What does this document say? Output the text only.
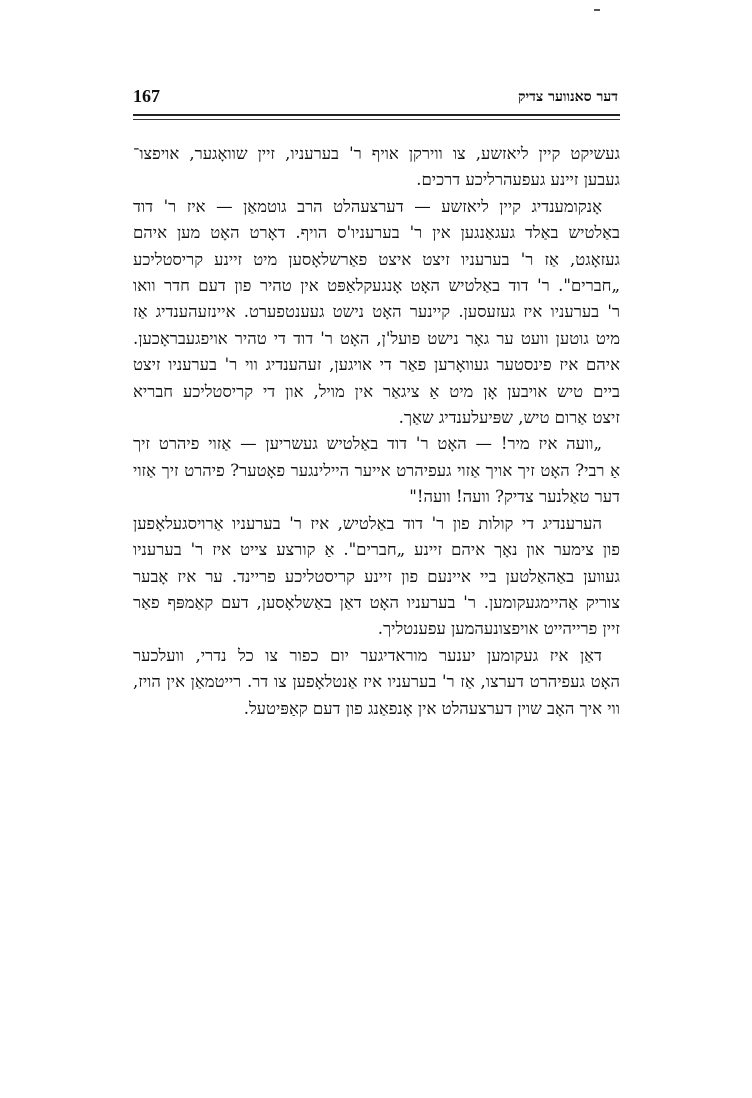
167	דער סאנווער צדיק
געשיקט קיין ליאזשע, צו ווירקן אויף ר' בערעניו, זיין שוואָגער, אויפצו־
געבען זיינע געפעהרליכע דרכים.
אָנקומענדיג קיין ליאזשע — דערצעהלט הרב גוטמאַן — איז ר' דוד
באַלטיש באַלד געגאַנגען אין ר' בערעניו'ס הויף. דאָרט האָט מען איהם
געזאָגט, אַז ר' בערעניו זיצט איצט פאַרשלאָסען מיט זיינע קריסטליכע
„חברים". ר' דוד באַלטיש האָט אָנגעקלאַפּט אין טהיר פון דעם חדר וואו
ר' בערעניו איז געזעסען. קיינער האָט נישט געענטפערט. איינזעהענדיג אַז
מיט גוטען וועט ער גאָר נישט פועל'ן, האָט ר' דוד די טהיר אויפגעבראָכען.
איהם איז פינסטער געוואָרען פאַר די אויגען, זעהענדיג ווי ר' בערעניו זיצט
ביים טיש אויבען אָן מיט אַ ציגאַר אין מויל, און די קריסטליכע חבריא
זיצט אַרום טיש, שפּיעלענדיג שאַך.
„וועה איז מיר! — האָט ר' דוד באַלטיש געשריען — אַזוי פיהרט זיך
אַ רבי? האָט זיך אויך אַזוי געפיהרט אייער היילינגער פאָטער? פיהרט זיך אַזוי
דער טאַלנער צדיק? וועה! וועה!"
הערענדיג די קולות פון ר' דוד באַלטיש, איז ר' בערעניו אַרויסגעלאָפען
פון צימער און נאָך איהם זיינע „חברים". אַ קורצע צייט איז ר' בערעניו
געווען באַהאַלטען ביי איינעם פון זיינע קריסטליכע פריינד. ער איז אָבער
צוריק אַהיימגעקומען. ר' בערעניו האָט דאַן באַשלאָסען, דעם קאַמפּף פאַר
זיין פרייהייט אויפצונעהמען עפענטליך.
דאַן איז געקומען יענער מוראדיגער יום כפור צו כל נדרי, וועלכער
האָט געפיהרט דערצו, אַז ר' בערעניו איז אַנטלאָפען צו דר. רייטמאַן אין הויז,
ווי איך האָב שוין דערצעהלט אין אָנפאַנג פון דעם קאַפּיטעל.
